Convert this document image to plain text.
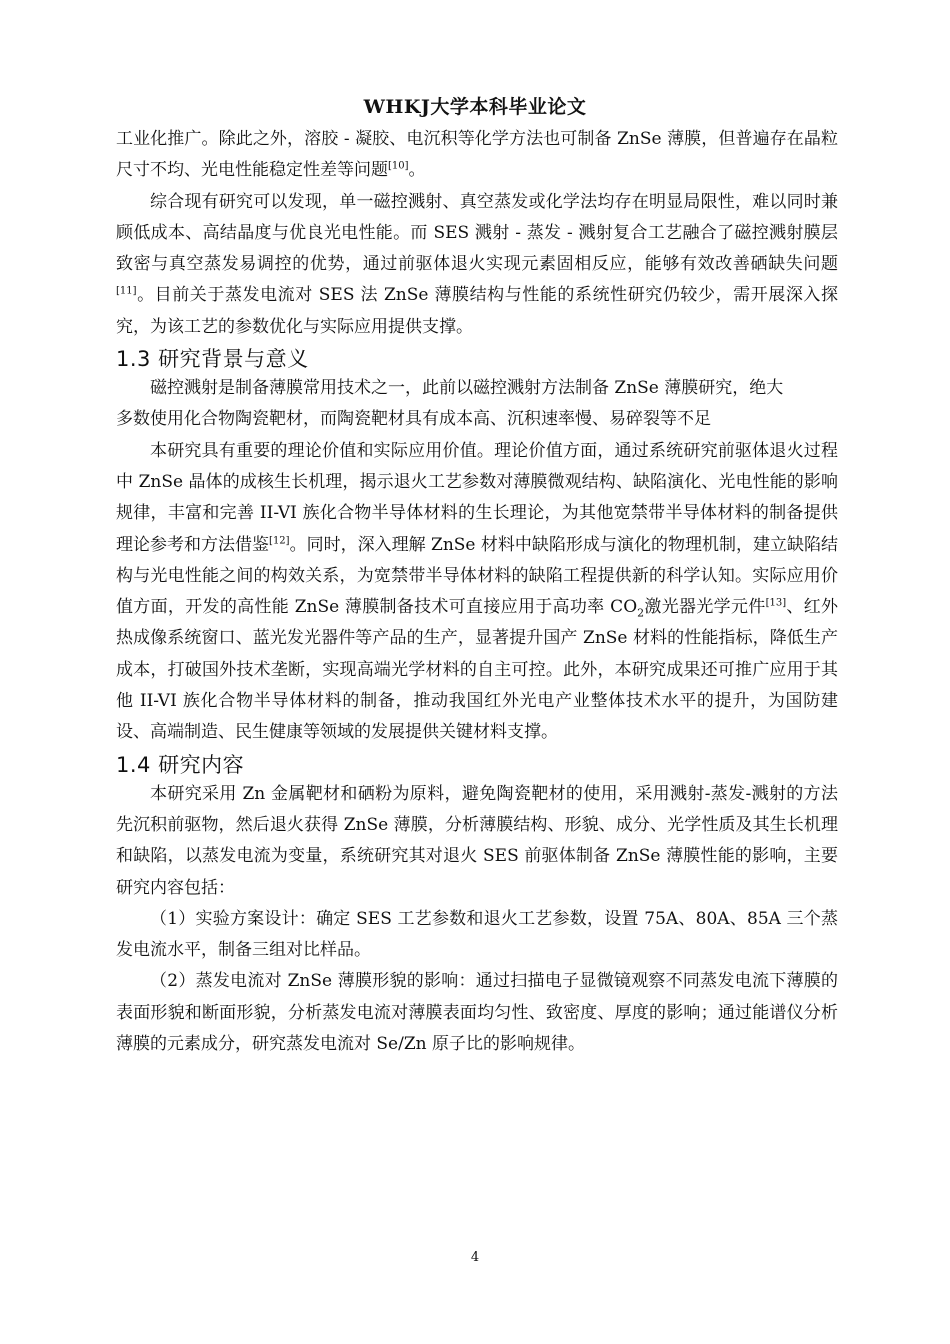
WHKJ大学本科毕业论文

工业化推广。除此之外，溶胶 - 凝胶、电沉积等化学方法也可制备 ZnSe 薄膜，但普遍存在晶粒尺寸不均、光电性能稳定性差等问题[10]。

综合现有研究可以发现，单一磁控溅射、真空蒸发或化学法均存在明显局限性，难以同时兼顾低成本、高结晶度与优良光电性能。而 SES 溅射 - 蒸发 - 溅射复合工艺融合了磁控溅射膜层致密与真空蒸发易调控的优势，通过前驱体退火实现元素固相反应，能够有效改善硒缺失问题[11]。目前关于蒸发电流对 SES 法 ZnSe 薄膜结构与性能的系统性研究仍较少，需开展深入探究，为该工艺的参数优化与实际应用提供支撑。

1.3 研究背景与意义

磁控溅射是制备薄膜常用技术之一，此前以磁控溅射方法制备 ZnSe 薄膜研究，绝大

多数使用化合物陶瓷靶材，而陶瓷靶材具有成本高、沉积速率慢、易碎裂等不足

本研究具有重要的理论价值和实际应用价值。理论价值方面，通过系统研究前驱体退火过程中 ZnSe 晶体的成核生长机理，揭示退火工艺参数对薄膜微观结构、缺陷演化、光电性能的影响规律，丰富和完善 II-VI 族化合物半导体材料的生长理论，为其他宽禁带半导体材料的制备提供理论参考和方法借鉴[12]。同时，深入理解 ZnSe 材料中缺陷形成与演化的物理机制，建立缺陷结构与光电性能之间的构效关系，为宽禁带半导体材料的缺陷工程提供新的科学认知。实际应用价值方面，开发的高性能 ZnSe 薄膜制备技术可直接应用于高功率 $CO_2$激光器光学元件[13]、红外热成像系统窗口、蓝光发光器件等产品的生产，显著提升国产 ZnSe 材料的性能指标，降低生产成本，打破国外技术垄断，实现高端光学材料的自主可控。此外，本研究成果还可推广应用于其他 II-VI 族化合物半导体材料的制备，推动我国红外光电产业整体技术水平的提升，为国防建设、高端制造、民生健康等领域的发展提供关键材料支撑。

1.4 研究内容

本研究采用 Zn 金属靶材和硒粉为原料，避免陶瓷靶材的使用，采用溅射-蒸发-溅射的方法先沉积前驱物，然后退火获得 ZnSe 薄膜，分析薄膜结构、形貌、成分、光学性质及其生长机理和缺陷，以蒸发电流为变量，系统研究其对退火 SES 前驱体制备 ZnSe 薄膜性能的影响，主要研究内容包括：

（1）实验方案设计：确定 SES 工艺参数和退火工艺参数，设置 75A、80A、85A 三个蒸发电流水平，制备三组对比样品。

（2）蒸发电流对 ZnSe 薄膜形貌的影响：通过扫描电子显微镜观察不同蒸发电流下薄膜的表面形貌和断面形貌，分析蒸发电流对薄膜表面均匀性、致密度、厚度的影响；通过能谱仪分析薄膜的元素成分，研究蒸发电流对 Se/Zn 原子比的影响规律。

4
